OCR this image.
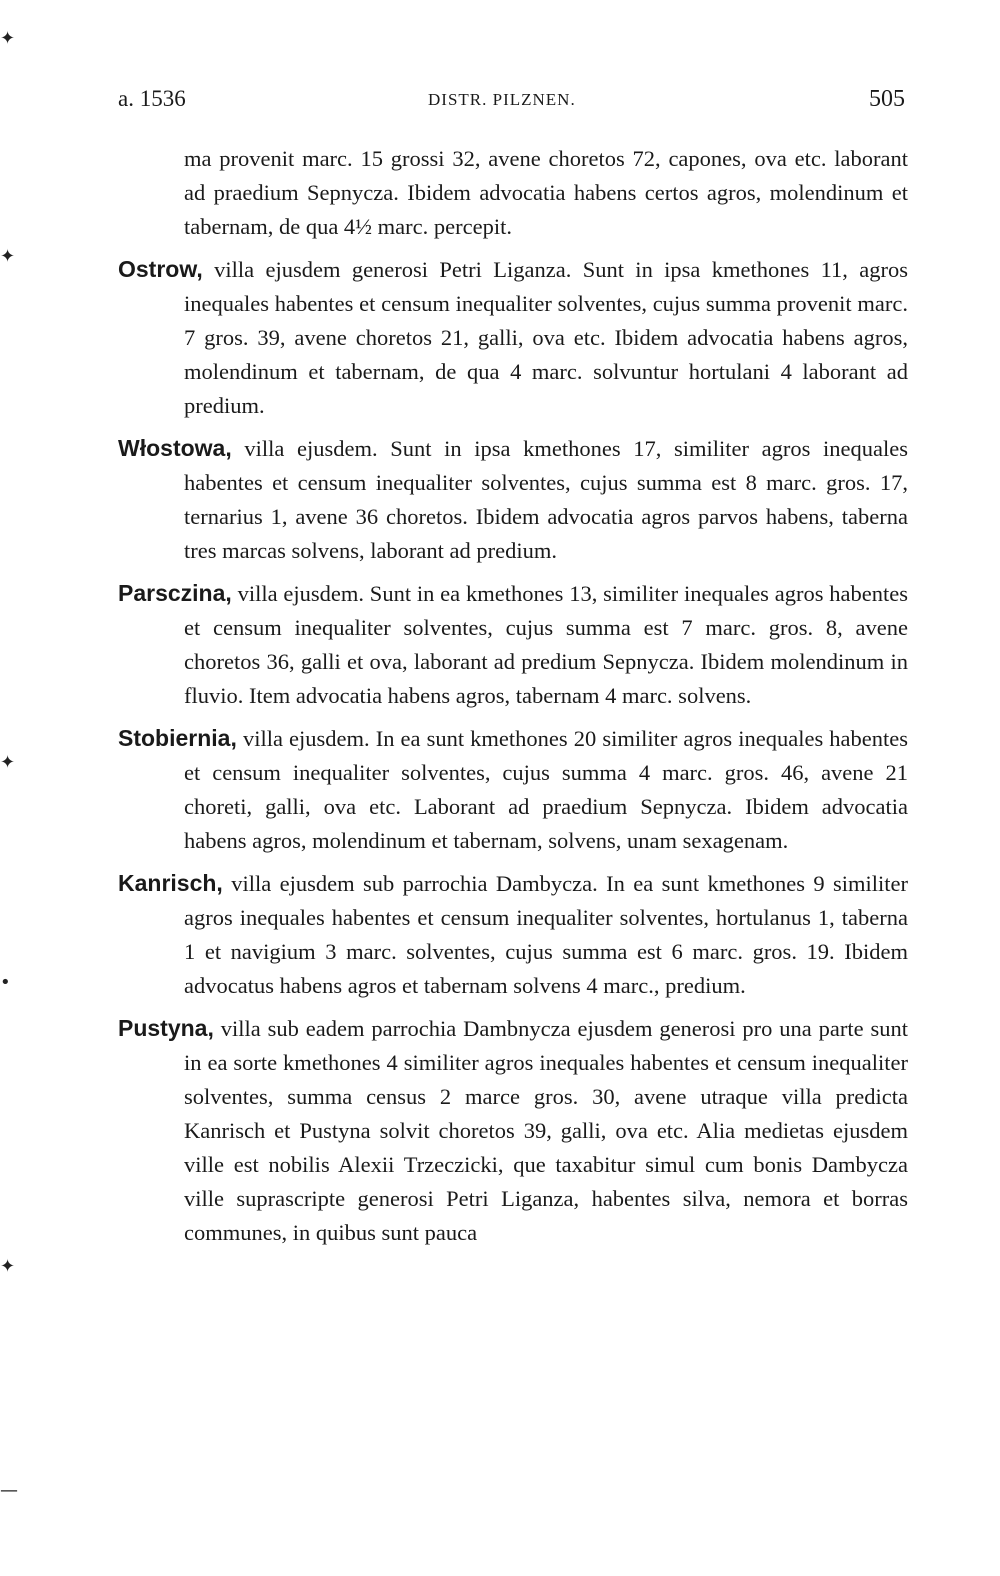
✦
✦
✦
•
✦
—
a. 1536	DISTR. PILZNEN.	505

ma provenit marc. 15 grossi 32, avene choretos 72, capones, ova etc. laborant ad praedium Sepnycza. Ibidem advocatia habens certos agros, molendinum et tabernam, de qua 4½ marc. percepit.

Ostrow, villa ejusdem generosi Petri Liganza. Sunt in ipsa kmethones 11, agros inequales habentes et censum inequaliter solventes, cujus summa provenit marc. 7 gros. 39, avene choretos 21, galli, ova etc. Ibidem advocatia habens agros, molendinum et tabernam, de qua 4 marc. solvuntur hortulani 4 laborant ad predium.

Włostowa, villa ejusdem. Sunt in ipsa kmethones 17, similiter agros inequales habentes et censum inequaliter solventes, cujus summa est 8 marc. gros. 17, ternarius 1, avene 36 choretos. Ibidem advocatia agros parvos habens, taberna tres marcas solvens, laborant ad predium.

Parsczina, villa ejusdem. Sunt in ea kmethones 13, similiter inequales agros habentes et censum inequaliter solventes, cujus summa est 7 marc. gros. 8, avene choretos 36, galli et ova, laborant ad predium Sepnycza. Ibidem molendinum in fluvio. Item advocatia habens agros, tabernam 4 marc. solvens.

Stobiernia, villa ejusdem. In ea sunt kmethones 20 similiter agros inequales habentes et censum inequaliter solventes, cujus summa 4 marc. gros. 46, avene 21 choreti, galli, ova etc. Laborant ad praedium Sepnycza. Ibidem advocatia habens agros, molendinum et tabernam, solvens, unam sexagenam.

Kanrisch, villa ejusdem sub parrochia Dambycza. In ea sunt kmethones 9 similiter agros inequales habentes et censum inequaliter solventes, hortulanus 1, taberna 1 et navigium 3 marc. solventes, cujus summa est 6 marc. gros. 19. Ibidem advocatus habens agros et tabernam solvens 4 marc., predium.

Pustyna, villa sub eadem parrochia Dambnycza ejusdem generosi pro una parte sunt in ea sorte kmethones 4 similiter agros inequales habentes et censum inequaliter solventes, summa census 2 marce gros. 30, avene utraque villa predicta Kanrisch et Pustyna solvit choretos 39, galli, ova etc. Alia medietas ejusdem ville est nobilis Alexii Trzeczicki, que taxabitur simul cum bonis Dambycza ville suprascripte generosi Petri Liganza, habentes silva, nemora et borras communes, in quibus sunt pauca
